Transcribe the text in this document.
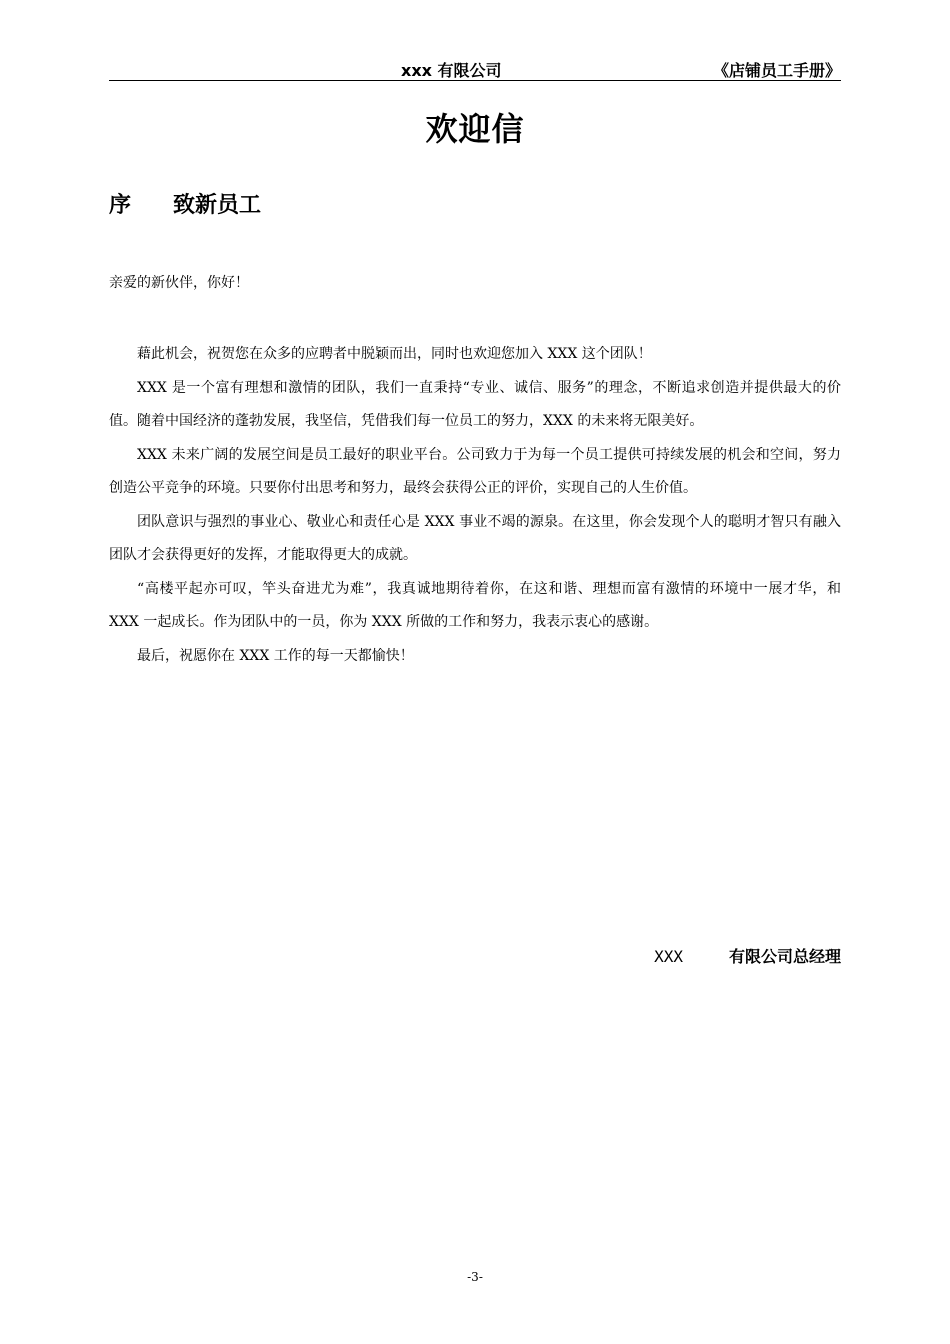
xxx 有限公司	《店铺员工手册》
欢迎信
序 致新员工
亲爱的新伙伴，你好！

藉此机会，祝贺您在众多的应聘者中脱颖而出，同时也欢迎您加入 XXX 这个团队！

XXX 是一个富有理想和激情的团队，我们一直秉持“专业、诚信、服务”的理念，不断追求创造并提供最大的价值。随着中国经济的蓬勃发展，我坚信，凭借我们每一位员工的努力，XXX 的未来将无限美好。

XXX 未来广阔的发展空间是员工最好的职业平台。公司致力于为每一个员工提供可持续发展的机会和空间，努力创造公平竞争的环境。只要你付出思考和努力，最终会获得公正的评价，实现自己的人生价值。

团队意识与强烈的事业心、敬业心和责任心是 XXX 事业不竭的源泉。在这里，你会发现个人的聪明才智只有融入团队才会获得更好的发挥，才能取得更大的成就。

“高楼平起亦可叹，竿头奋进尤为难”，我真诚地期待着你，在这和谐、理想而富有激情的环境中一展才华，和 XXX 一起成长。作为团队中的一员，你为 XXX 所做的工作和努力，我表示衷心的感谢。

最后，祝愿你在 XXX 工作的每一天都愉快！

XXX	有限公司总经理
-3-
